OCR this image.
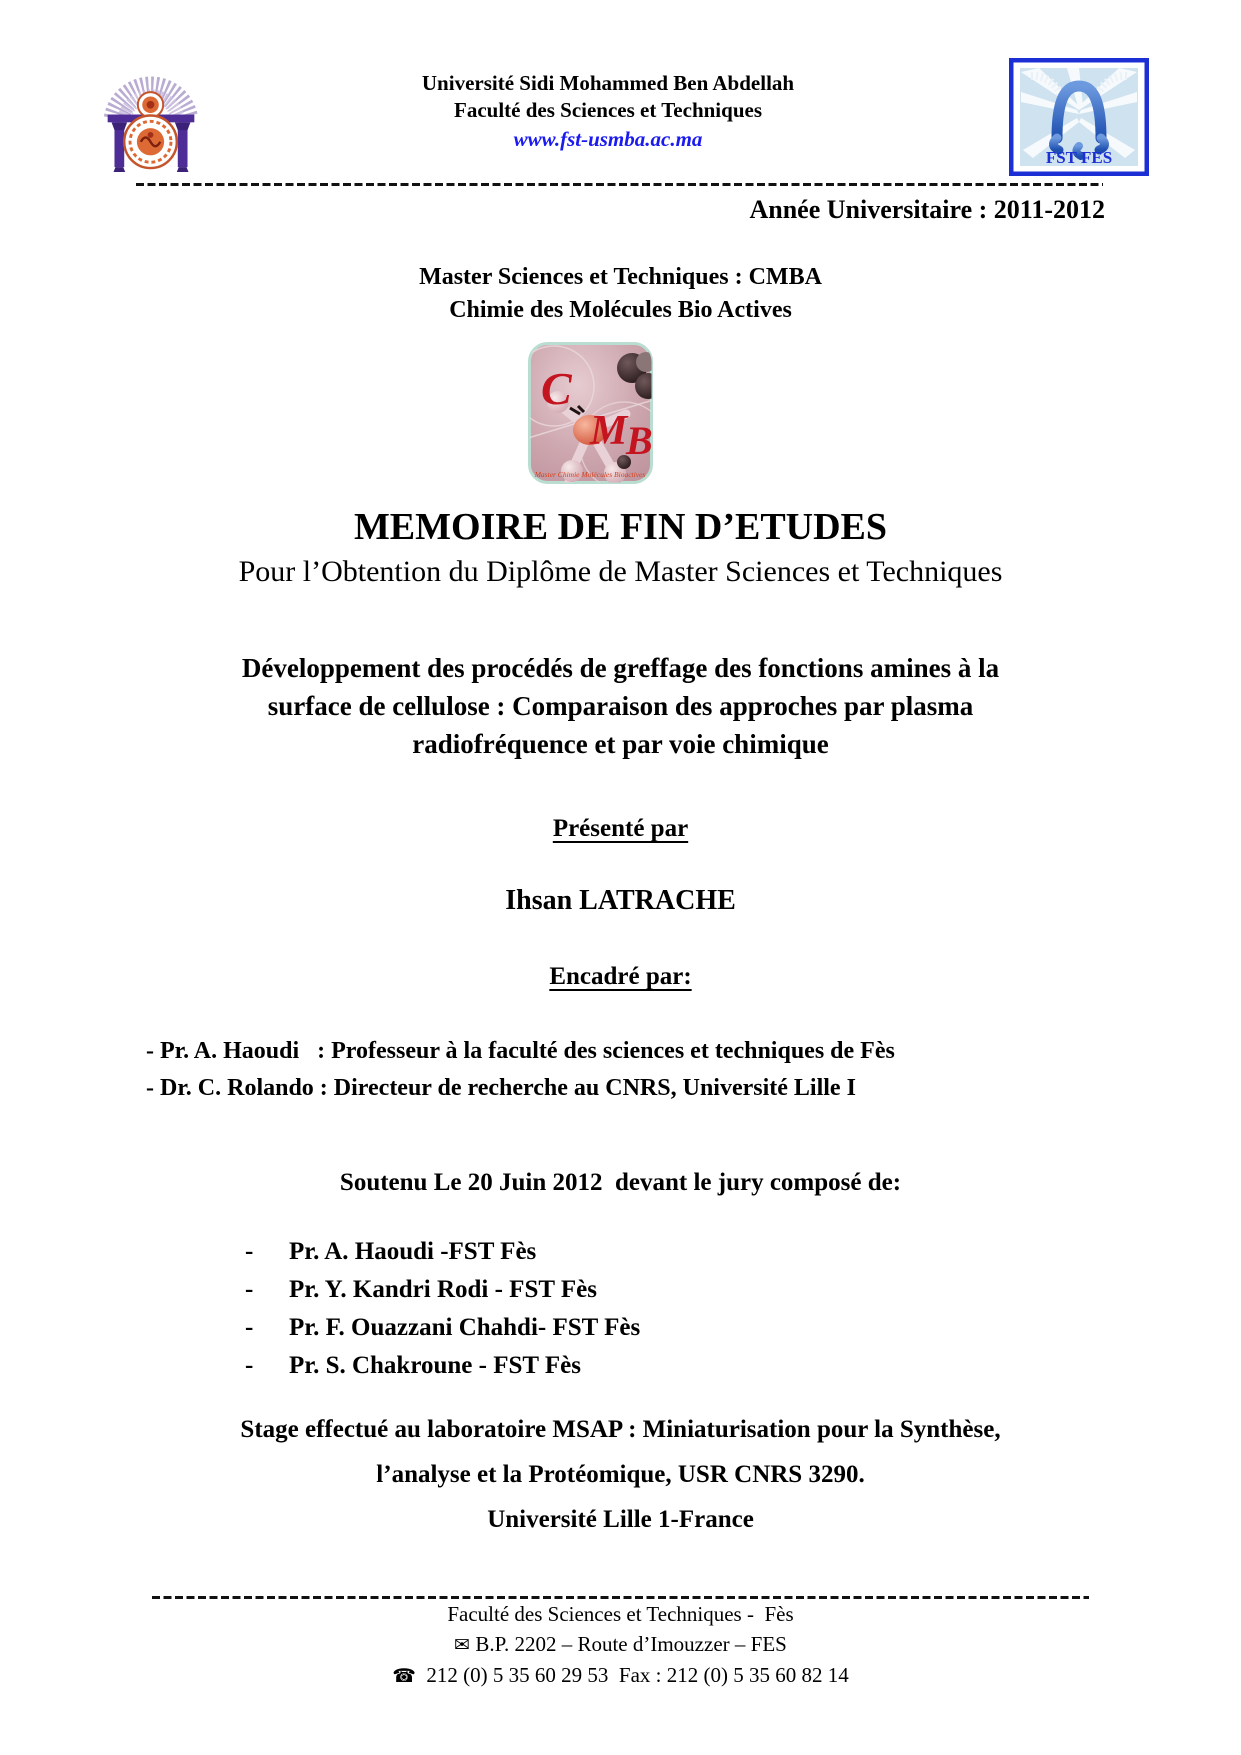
Université Sidi Mohammed Ben Abdellah
Faculté des Sciences et Techniques
www.fst-usmba.ac.ma
FST FES
Année Universitaire : 2011-2012
Master Sciences et Techniques : CMBA
Chimie des Molécules Bio Actives
C
M
B
Master Chimie Molécules Bioactives
MEMOIRE DE FIN D’ETUDES
Pour l’Obtention du Diplôme de Master Sciences et Techniques
Développement des procédés de greffage des fonctions amines à la
surface de cellulose : Comparaison des approches par plasma
radiofréquence et par voie chimique
Présenté par
Ihsan LATRACHE
Encadré par:
- Pr. A. Haoudi   : Professeur à la faculté des sciences et techniques de Fès
- Dr. C. Rolando : Directeur de recherche au CNRS, Université Lille I
Soutenu Le 20 Juin 2012  devant le jury composé de:
- Pr. A. Haoudi -FST Fès
- Pr. Y. Kandri Rodi - FST Fès
- Pr. F. Ouazzani Chahdi- FST Fès
- Pr. S. Chakroune - FST Fès
Stage effectué au laboratoire MSAP : Miniaturisation pour la Synthèse,
l’analyse et la Protéomique, USR CNRS 3290.
Université Lille 1-France
Faculté des Sciences et Techniques -  Fès
✉ B.P. 2202 – Route d’Imouzzer – FES
☎ 212 (0) 5 35 60 29 53  Fax : 212 (0) 5 35 60 82 14
